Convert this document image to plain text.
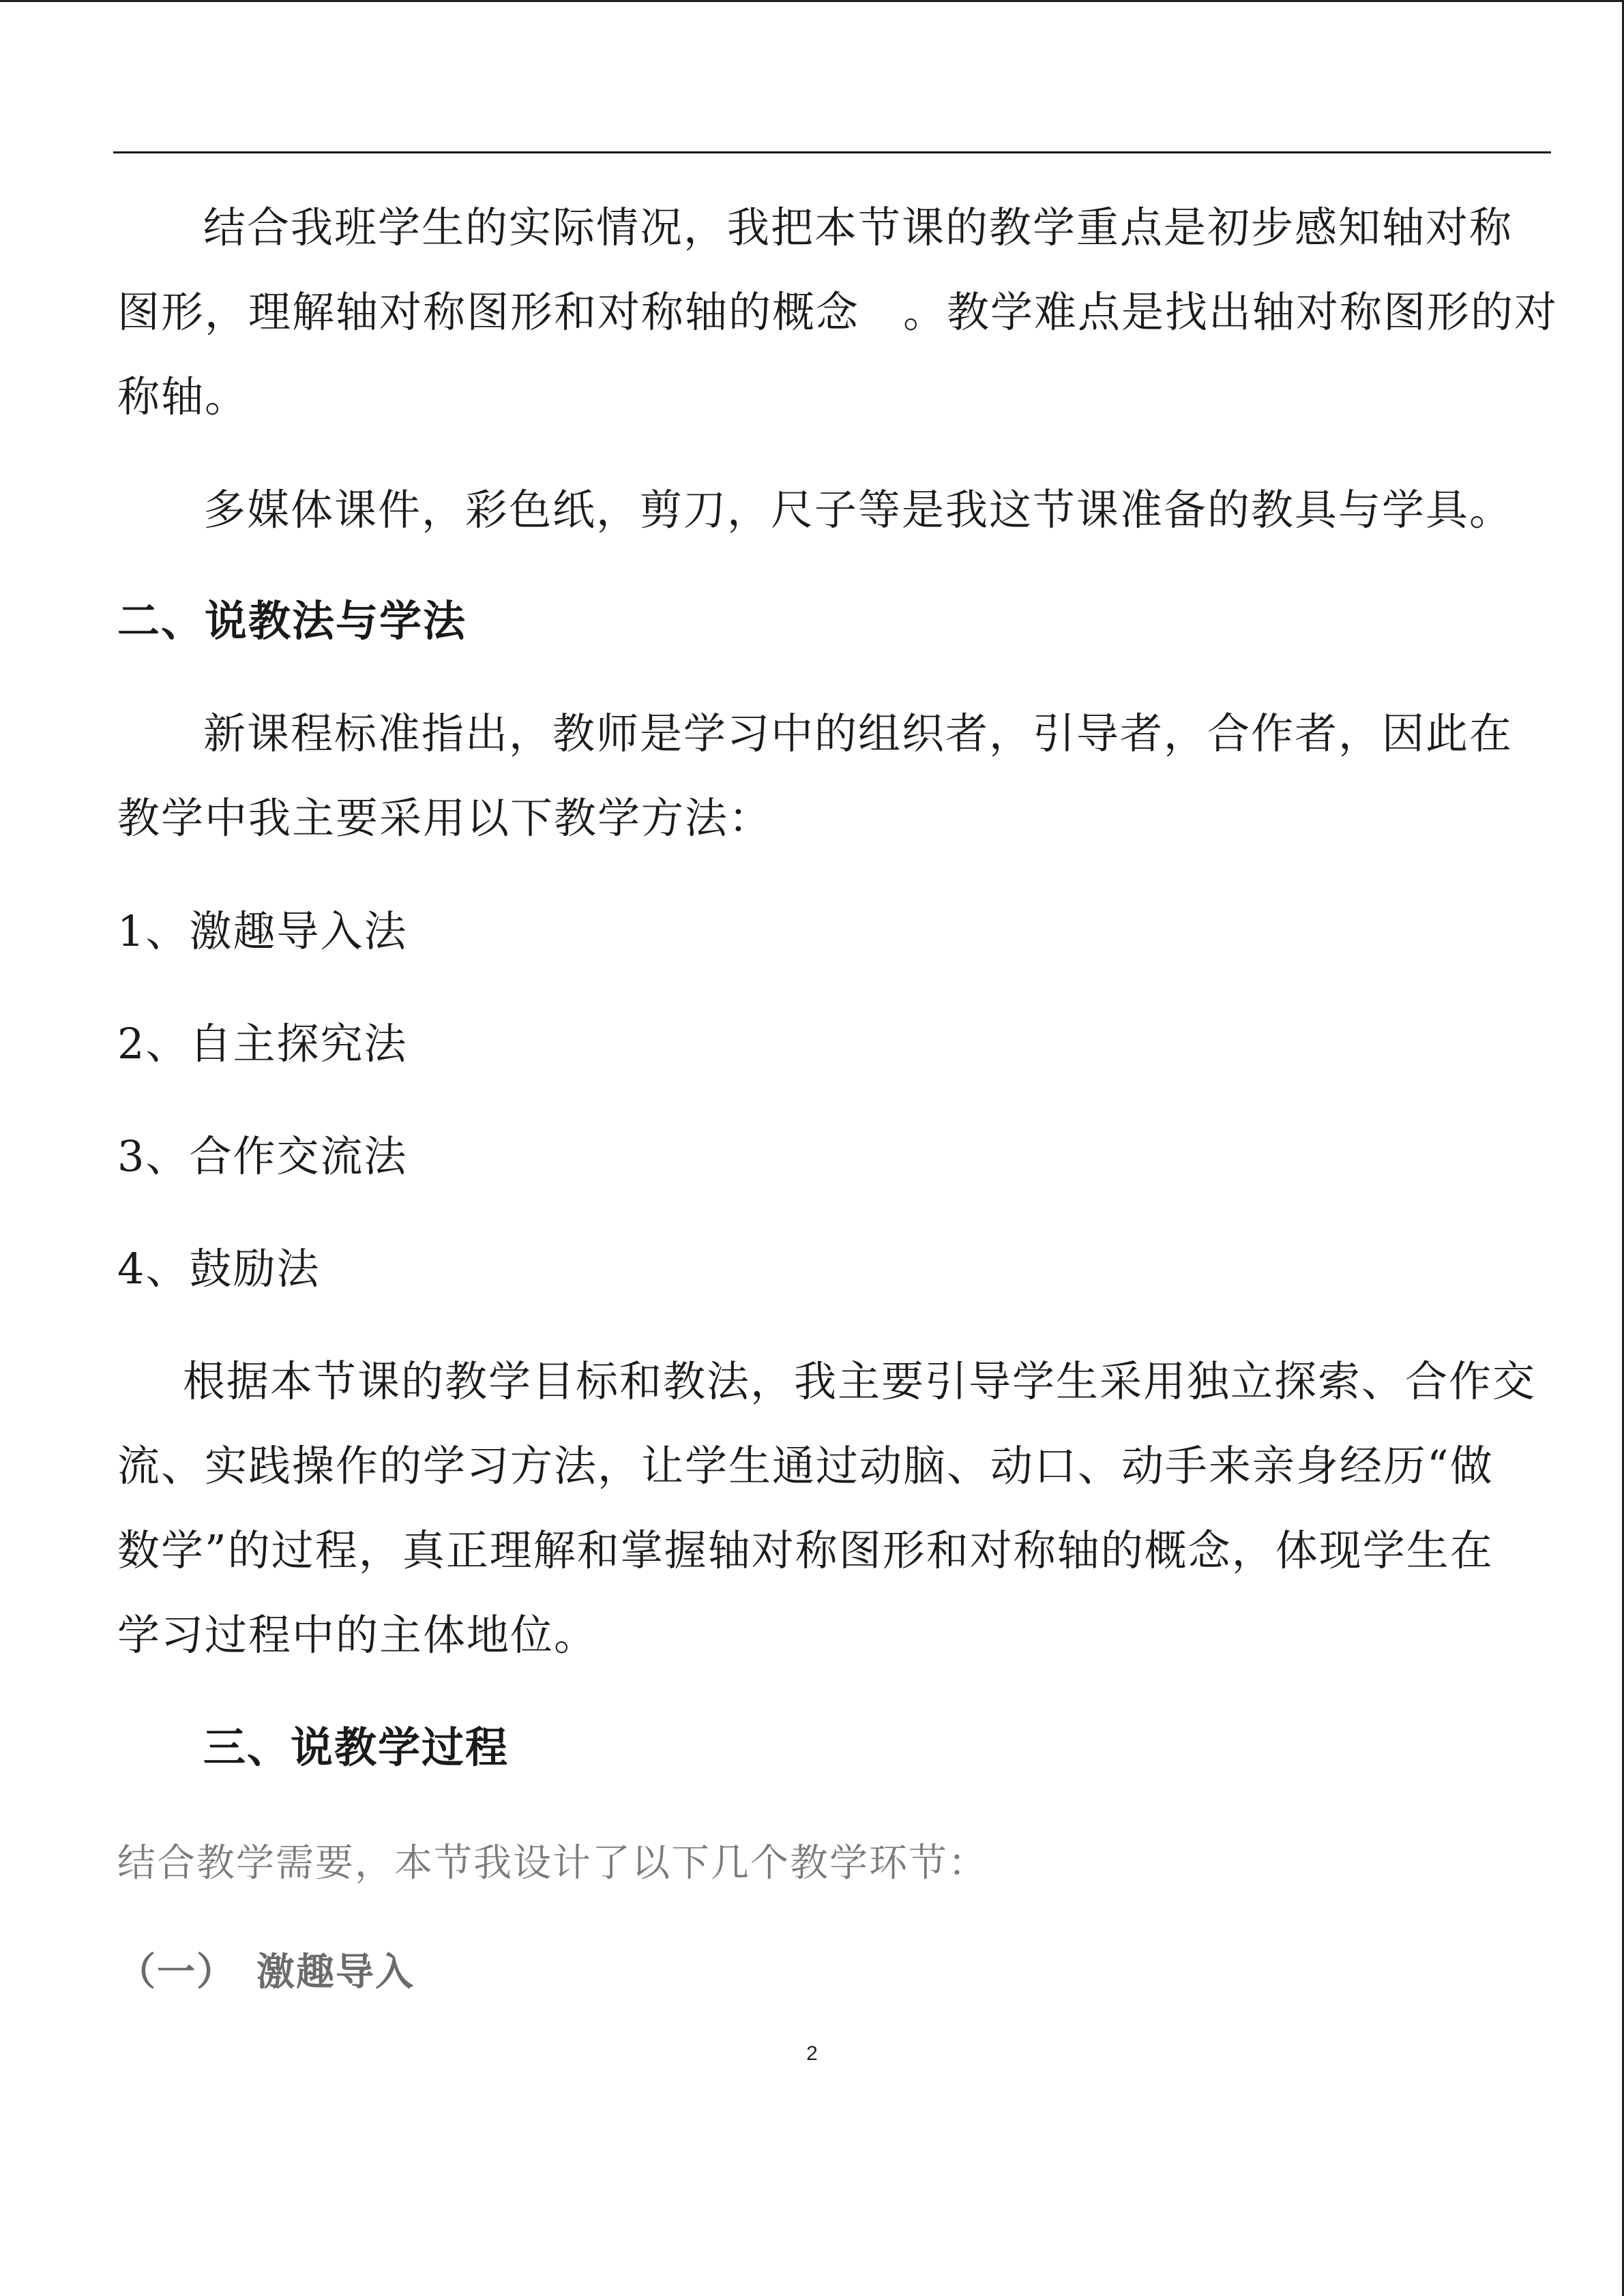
结合我班学生的实际情况，我把本节课的教学重点是初步感知轴对称
图形，理解轴对称图形和对称轴的概念　。教学难点是找出轴对称图形的对
称轴。
多媒体课件，彩色纸，剪刀，尺子等是我这节课准备的教具与学具。
二、说教法与学法
新课程标准指出，教师是学习中的组织者，引导者，合作者，因此在
教学中我主要采用以下教学方法：
1、激趣导入法
2、自主探究法
3、合作交流法
4、鼓励法
根据本节课的教学目标和教法，我主要引导学生采用独立探索、合作交
流、实践操作的学习方法，让学生通过动脑、动口、动手来亲身经历“做
数学”的过程，真正理解和掌握轴对称图形和对称轴的概念，体现学生在
学习过程中的主体地位。
三、说教学过程
结合教学需要，本节我设计了以下几个教学环节：
（一）　激趣导入
2
